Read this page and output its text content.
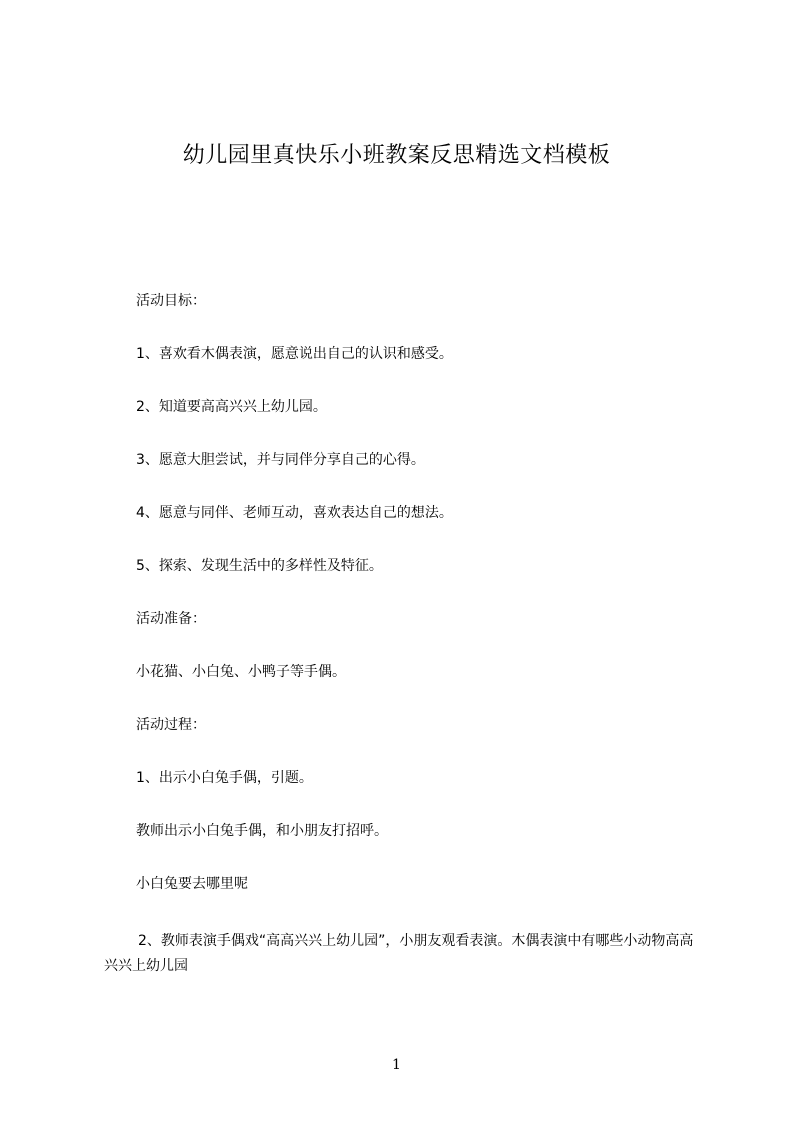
幼儿园里真快乐小班教案反思精选文档模板

活动目标：

1、喜欢看木偶表演，愿意说出自己的认识和感受。

2、知道要高高兴兴上幼儿园。

3、愿意大胆尝试，并与同伴分享自己的心得。

4、愿意与同伴、老师互动，喜欢表达自己的想法。

5、探索、发现生活中的多样性及特征。

活动准备：

小花猫、小白兔、小鸭子等手偶。

活动过程：

1、出示小白兔手偶，引题。

教师出示小白兔手偶，和小朋友打招呼。

小白兔要去哪里呢

2、教师表演手偶戏“高高兴兴上幼儿园”，小朋友观看表演。木偶表演中有哪些小动物高高兴兴上幼儿园

1
